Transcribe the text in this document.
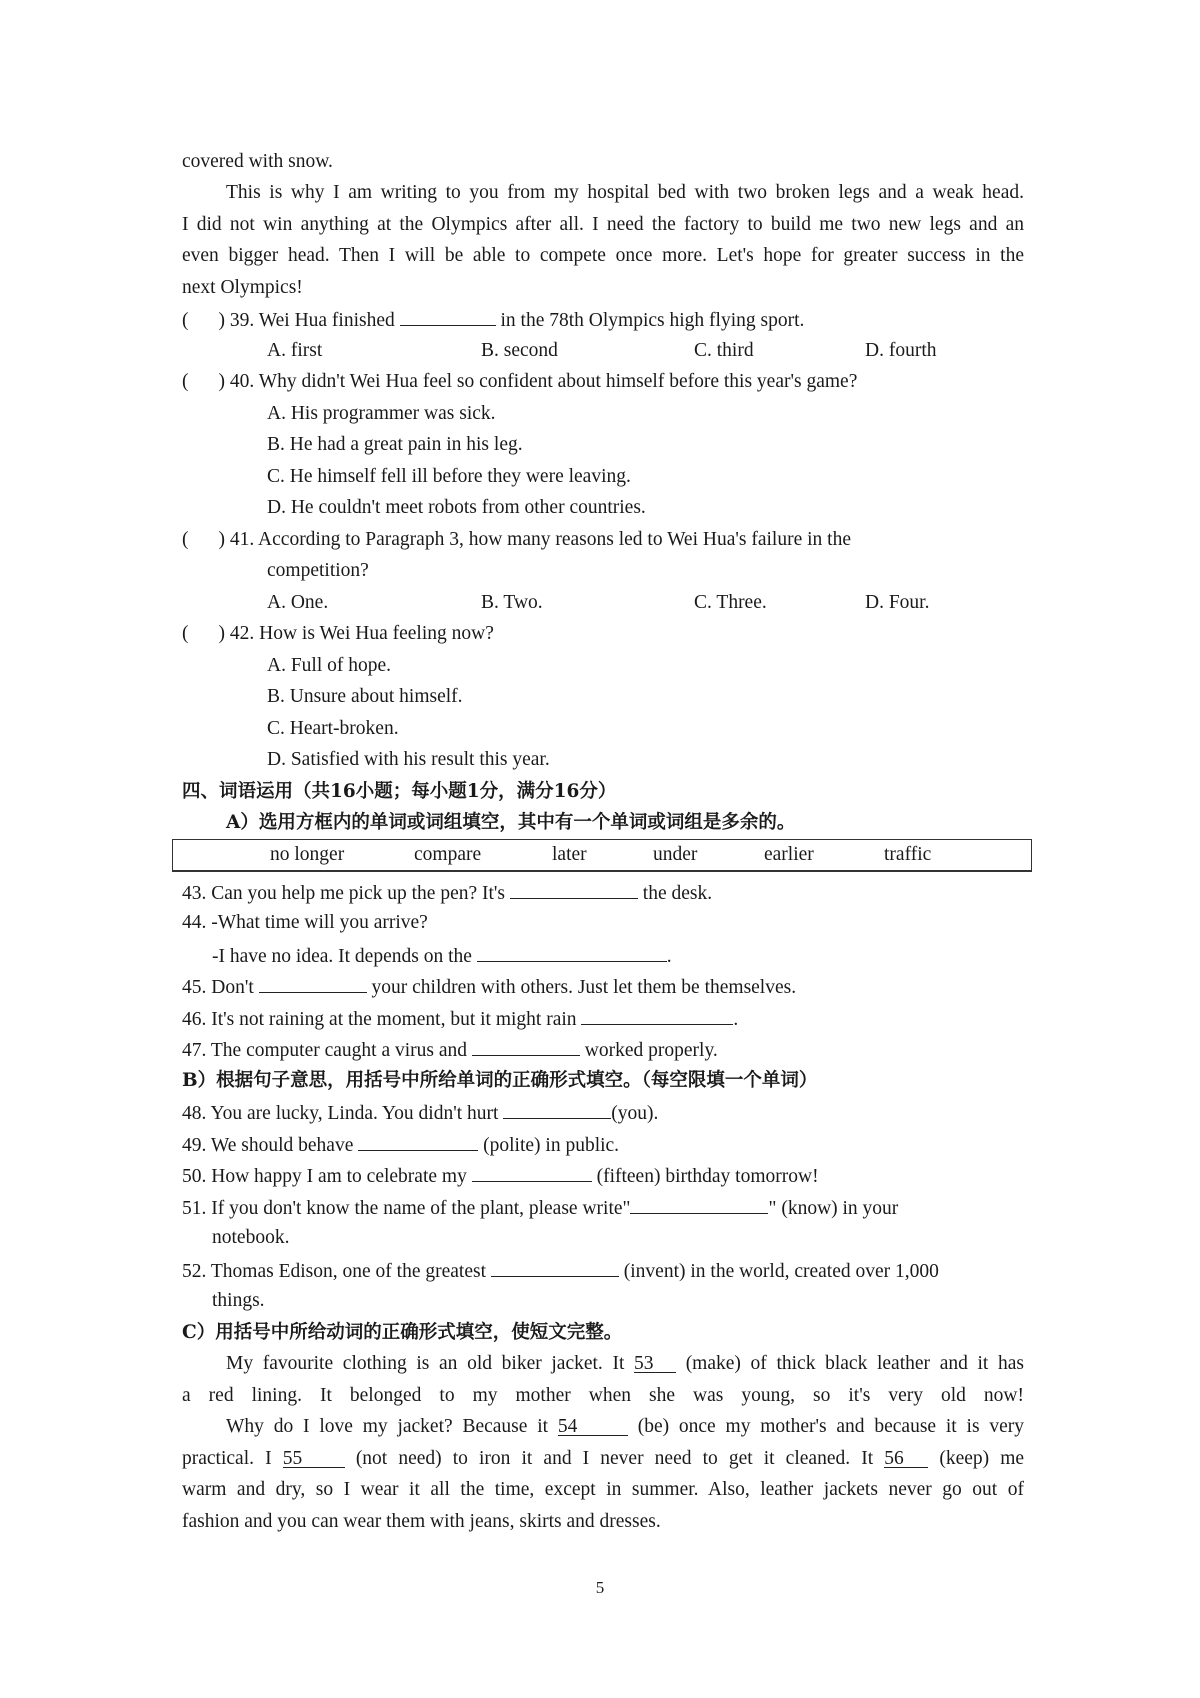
covered with snow.
This is why I am writing to you from my hospital bed with two broken legs and a weak head.
I did not win anything at the Olympics after all. I need the factory to build me two new legs and an
even bigger head. Then I will be able to compete once more. Let's hope for greater success in the
next Olympics!
( ) 39. Wei Hua finished	in the 78th Olympics high flying sport.
A. first	B. second	C. third	D. fourth
( ) 40. Why didn't Wei Hua feel so confident about himself before this year's game?
A. His programmer was sick.
B. He had a great pain in his leg.
C. He himself fell ill before they were leaving.
D. He couldn't meet robots from other countries.
( ) 41. According to Paragraph 3, how many reasons led to Wei Hua's failure in the
competition?
A. One.	B. Two.	C. Three.	D. Four.
( ) 42. How is Wei Hua feeling now?
A. Full of hope.
B. Unsure about himself.
C. Heart-broken.
D. Satisfied with his result this year.
四、词语运用（共16小题；每小题1分，满分16分）
A）选用方框内的单词或词组填空，其中有一个单词或词组是多余的。
no longer	compare	later	under	earlier	traffic
43. Can you help me pick up the pen? It's	the desk.
44. -What time will you arrive?
-I have no idea. It depends on the	.
45. Don't	your children with others. Just let them be themselves.
46. It's not raining at the moment, but it might rain	.
47. The computer caught a virus and	worked properly.
B）根据句子意思，用括号中所给单词的正确形式填空。（每空限填一个单词）
48. You are lucky, Linda. You didn't hurt	(you).
49. We should behave	(polite) in public.
50. How happy I am to celebrate my	(fifteen) birthday tomorrow!
51. If you don't know the name of the plant, please write"	" (know) in your
notebook.
52. Thomas Edison, one of the greatest	(invent) in the world, created over 1,000
things.
C）用括号中所给动词的正确形式填空，使短文完整。
My favourite clothing is an old biker jacket. It 53 (make) of thick black leather and it has
a red lining. It belonged to my mother when she was young, so it's very old now!
Why do I love my jacket? Because it 54	(be) once my mother's and because it is very
practical. I 55	(not need) to iron it and I never need to get it cleaned. It 56 (keep) me
warm and dry, so I wear it all the time, except in summer. Also, leather jackets never go out of
fashion and you can wear them with jeans, skirts and dresses.
5
